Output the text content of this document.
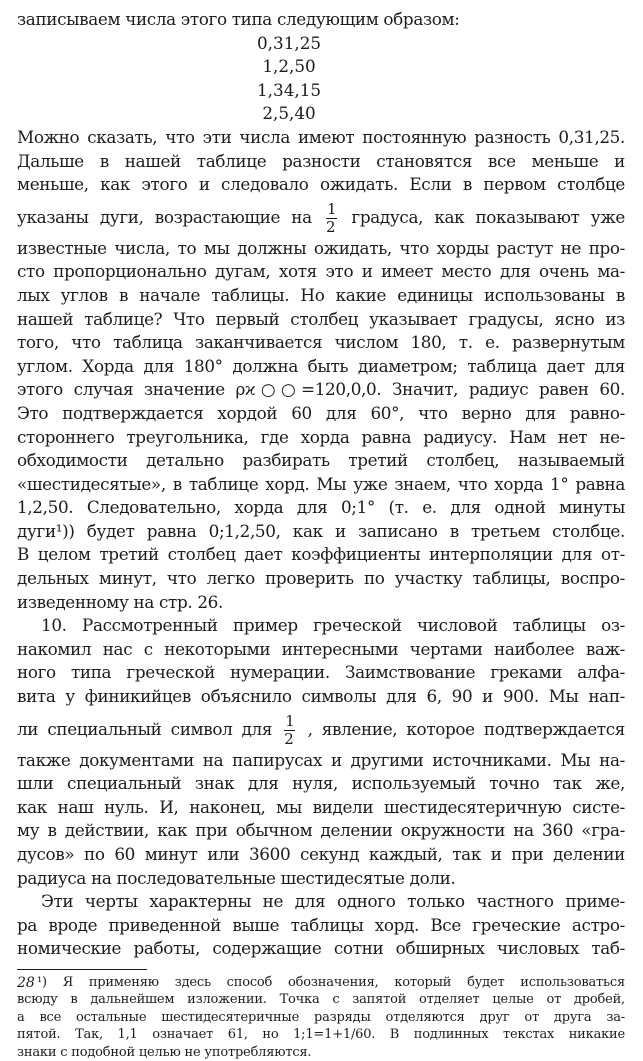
записываем числа этого типа следующим образом:
0,31,25
1,2,50
1,34,15
2,5,40
Можно сказать, что эти числа имеют постоянную разность 0,31,25.
Дальше в нашей таблице разности становятся все меньше и
меньше, как этого и следовало ожидать. Если в первом столбце
указаны дуги, возрастающие на $\frac{1}{2}$ градуса, как показывают уже
известные числа, то мы должны ожидать, что хорды растут не про-
сто пропорционально дугам, хотя это и имеет место для очень ма-
лых углов в начале таблицы. Но какие единицы использованы в
нашей таблице? Что первый столбец указывает градусы, ясно из
того, что таблица заканчивается числом 180, т. е. развернутым
углом. Хорда для 180° должна быть диаметром; таблица дает для
этого случая значение ρϰ○○=120,0,0. Значит, радиус равен 60.
Это подтверждается хордой 60 для 60°, что верно для равно-
стороннего треугольника, где хорда равна радиусу. Нам нет не-
обходимости детально разбирать третий столбец, называемый
«шестидесятые», в таблице хорд. Мы уже знаем, что хорда 1° равна
1,2,50. Следовательно, хорда для 0;1° (т. е. для одной минуты
дуги¹)) будет равна 0;1,2,50, как и записано в третьем столбце.
В целом третий столбец дает коэффициенты интерполяции для от-
дельных минут, что легко проверить по участку таблицы, воспро-
изведенному на стр. 26.
10. Рассмотренный пример греческой числовой таблицы оз-
накомил нас с некоторыми интересными чертами наиболее важ-
ного типа греческой нумерации. Заимствование греками алфа-
вита у финикийцев объяснило символы для 6, 90 и 900. Мы нап-
ли специальный символ для $\frac{1}{2}$ , явление, которое подтверждается
также документами на папирусах и другими источниками. Мы на-
шли специальный знак для нуля, используемый точно так же,
как наш нуль. И, наконец, мы видели шестидесятеричную систе-
му в действии, как при обычном делении окружности на 360 «гра-
дусов» по 60 минут или 3600 секунд каждый, так и при делении
радиуса на последовательные шестидесятые доли.
Эти черты характерны не для одного только частного приме-
ра вроде приведенной выше таблицы хорд. Все греческие астро-
номические работы, содержащие сотни обширных числовых таб-
¹) Я применяю здесь способ обозначения, который будет использоваться
всюду в дальнейшем изложении. Точка с запятой отделяет целые от дробей,
а все остальные шестидесятеричные разряды отделяются друг от друга за-
пятой. Так, 1,1 означает 61, но 1;1=1+1/60. В подлинных текстах никакие
знаки с подобной целью не употребляются.
28
